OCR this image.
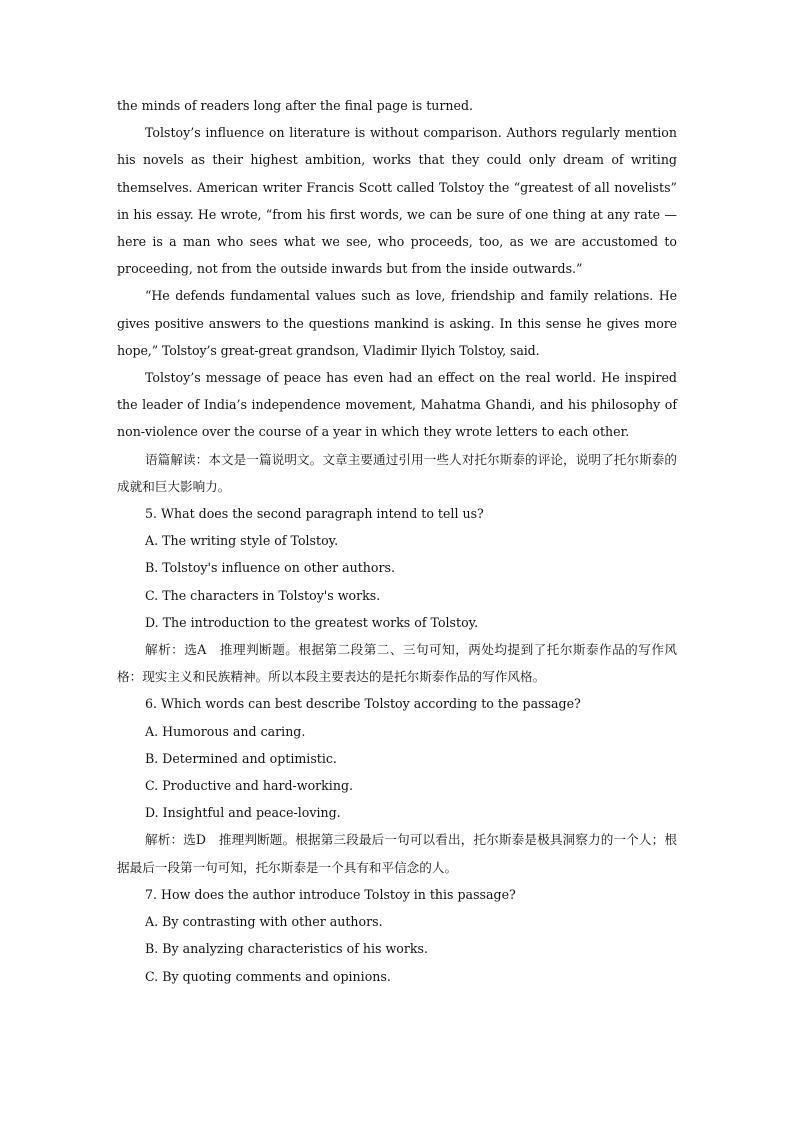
the minds of readers long after the final page is turned.

Tolstoy’s influence on literature is without comparison. Authors regularly mention his novels as their highest ambition, works that they could only dream of writing themselves. American writer Francis Scott called Tolstoy the “greatest of all novelists” in his essay. He wrote, “from his first words, we can be sure of one thing at any rate — here is a man who sees what we see, who proceeds, too, as we are accustomed to proceeding, not from the outside inwards but from the inside outwards.”

“He defends fundamental values such as love, friendship and family relations. He gives positive answers to the questions mankind is asking. In this sense he gives more hope,” Tolstoy’s great-great grandson, Vladimir Ilyich Tolstoy, said.

Tolstoy’s message of peace has even had an effect on the real world. He inspired the leader of India’s independence movement, Mahatma Ghandi, and his philosophy of non-violence over the course of a year in which they wrote letters to each other.

语篇解读：本文是一篇说明文。文章主要通过引用一些人对托尔斯泰的评论，说明了托尔斯泰的成就和巨大影响力。

5. What does the second paragraph intend to tell us?

A. The writing style of Tolstoy.

B. Tolstoy's influence on other authors.

C. The characters in Tolstoy's works.

D. The introduction to the greatest works of Tolstoy.

解析：选A　推理判断题。根据第二段第二、三句可知，两处均提到了托尔斯泰作品的写作风格：现实主义和民族精神。所以本段主要表达的是托尔斯泰作品的写作风格。

6. Which words can best describe Tolstoy according to the passage?

A. Humorous and caring.

B. Determined and optimistic.

C. Productive and hard-working.

D. Insightful and peace-loving.

解析：选D　推理判断题。根据第三段最后一句可以看出，托尔斯泰是极具洞察力的一个人；根据最后一段第一句可知，托尔斯泰是一个具有和平信念的人。

7. How does the author introduce Tolstoy in this passage?

A. By contrasting with other authors.

B. By analyzing characteristics of his works.

C. By quoting comments and opinions.
